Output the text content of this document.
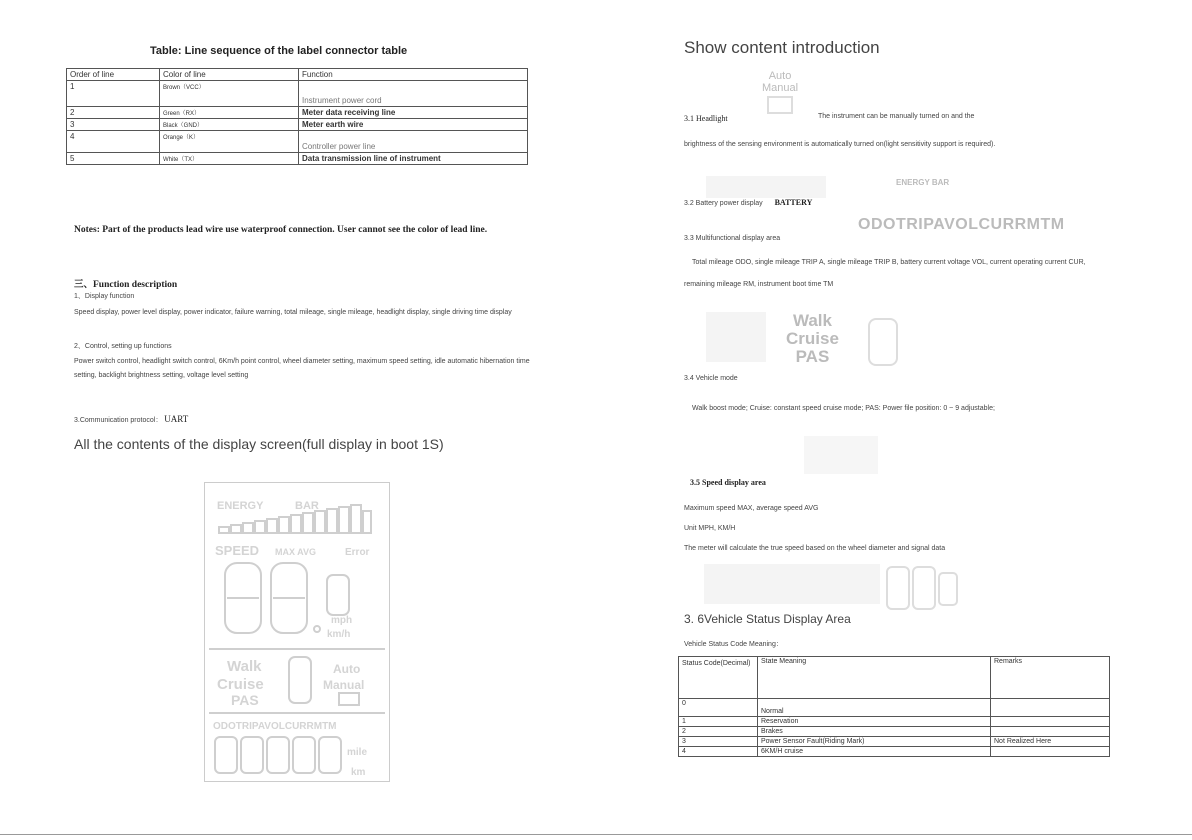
Table: Line sequence of the label connector table
Order of line	Color of line	Function
1	Brown（VCC）	Instrument power cord
2	Green（RX）	Meter data receiving line
3	Black（GND）	Meter earth wire
4	Orange（K）	Controller power line
5	White（TX）	Data transmission line of instrument
Notes: Part of the products lead wire use waterproof connection. User cannot see the color of lead line.
三、Function description
1、Display function
Speed display, power level display, power indicator, failure warning, total mileage, single mileage, headlight display, single driving time display
2、Control, setting up functions
Power switch control, headlight switch control, 6Km/h point control, wheel diameter setting, maximum speed setting, idle automatic hibernation time setting, backlight brightness setting, voltage level setting
3.Communication protocol： UART
All the contents of the display screen(full display in boot 1S)
ENERGY	BAR
SPEED MAX AVG	Error
mph
km/h
Walk
Cruise
PAS
Auto
Manual
ODOTRIPAVOLCURRMTM
mile
km
Show content introduction
Auto
Manual
3.1 Headlight	The instrument can be manually turned on and the
brightness of the sensing environment is automatically turned on(light sensitivity support is required).
ENERGY BAR
3.2 Battery power display BATTERY
ODOTRIPAVOLCURRMTM
3.3 Multifunctional display area
Total mileage ODO, single mileage TRIP A, single mileage TRIP B, battery current voltage VOL, current operating current CUR, remaining mileage RM, instrument boot time TM
Walk
Cruise
PAS
3.4 Vehicle mode
Walk boost mode; Cruise: constant speed cruise mode; PAS: Power file position: 0 ~ 9 adjustable;
3.5 Speed display area
Maximum speed MAX, average speed AVG
Unit MPH, KM/H
The meter will calculate the true speed based on the wheel diameter and signal data
3. 6Vehicle Status Display Area
Vehicle Status Code Meaning：
Status Code(Decimal)	State Meaning	Remarks
0	Normal	
1	Reservation	
2	Brakes	
3	Power Sensor Fault(Riding Mark)	Not Realized Here
4	6KM/H cruise	
